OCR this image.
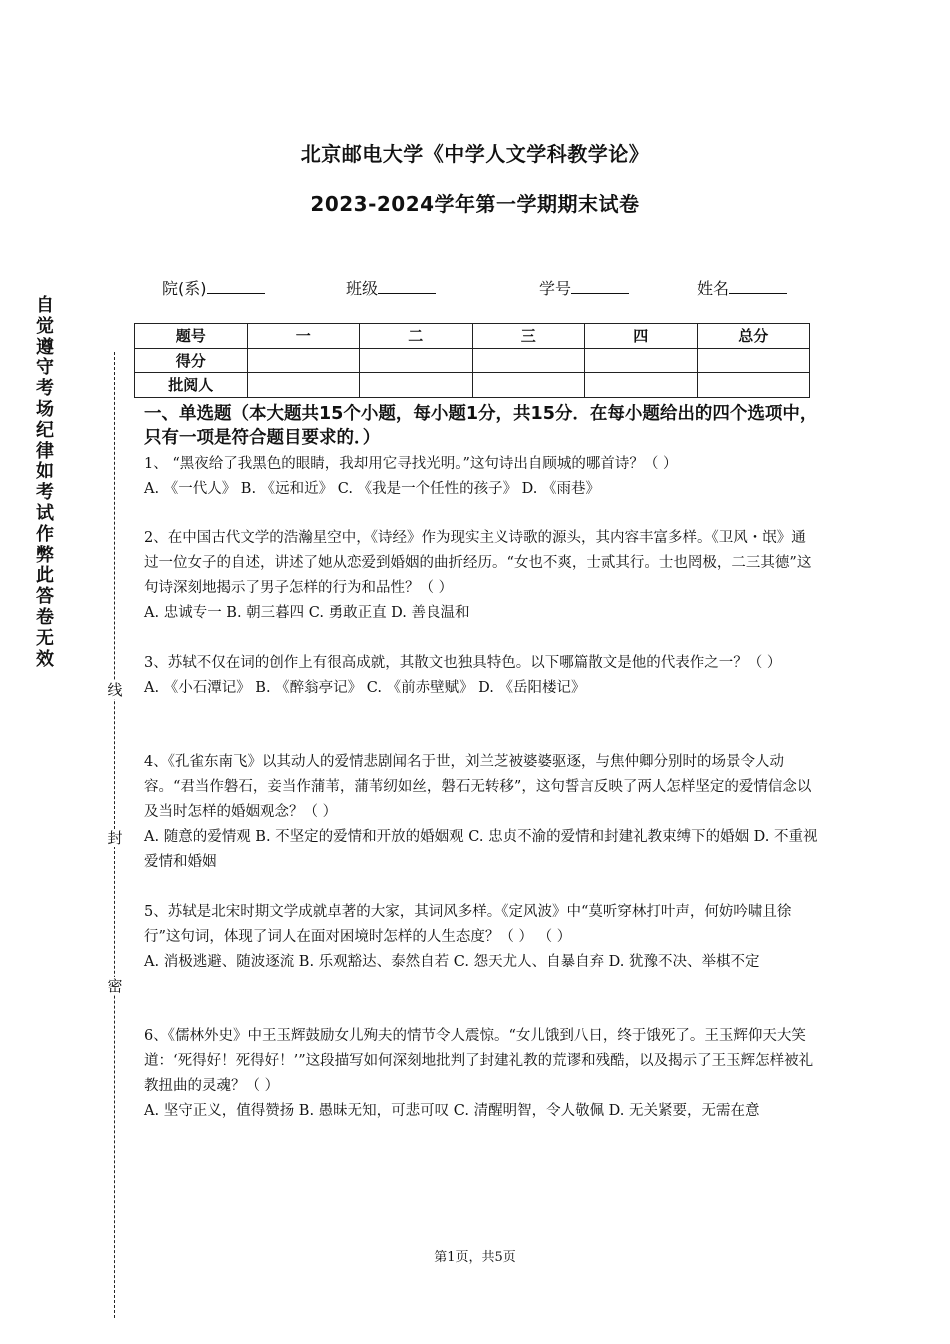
北京邮电大学《中学人文学科教学论》
2023-2024学年第一学期期末试卷
院(系)	班级	学号	姓名
自
觉
遵
守
考
场
纪
律
如
考
试
作
弊
此
答
卷
无
效
线
封
密
题号	一	二	三	四	总分
得分					
批阅人					
一、单选题（本大题共15个小题，每小题1分，共15分．在每小题给出的四个选项中，只有一项是符合题目要求的．）

1、 “黑夜给了我黑色的眼睛，我却用它寻找光明。”这句诗出自顾城的哪首诗？（ ）

A. 《一代人》 B. 《远和近》 C. 《我是一个任性的孩子》 D. 《雨巷》

2、在中国古代文学的浩瀚星空中，《诗经》作为现实主义诗歌的源头，其内容丰富多样。《卫风・氓》通过一位女子的自述，讲述了她从恋爱到婚姻的曲折经历。“女也不爽，士贰其行。士也罔极，二三其德”这句诗深刻地揭示了男子怎样的行为和品性？（ ）

A. 忠诚专一 B. 朝三暮四 C. 勇敢正直 D. 善良温和

3、苏轼不仅在词的创作上有很高成就，其散文也独具特色。以下哪篇散文是他的代表作之一？（ ）

A. 《小石潭记》 B. 《醉翁亭记》 C. 《前赤壁赋》 D. 《岳阳楼记》

4、《孔雀东南飞》以其动人的爱情悲剧闻名于世，刘兰芝被婆婆驱逐，与焦仲卿分别时的场景令人动容。“君当作磐石，妾当作蒲苇，蒲苇纫如丝，磐石无转移”，这句誓言反映了两人怎样坚定的爱情信念以及当时怎样的婚姻观念？（ ）

A. 随意的爱情观 B. 不坚定的爱情和开放的婚姻观 C. 忠贞不渝的爱情和封建礼教束缚下的婚姻 D. 不重视爱情和婚姻

5、苏轼是北宋时期文学成就卓著的大家，其词风多样。《定风波》中“莫听穿林打叶声，何妨吟啸且徐行”这句词，体现了词人在面对困境时怎样的人生态度？（ ） （ ）

A. 消极逃避、随波逐流 B. 乐观豁达、泰然自若 C. 怨天尤人、自暴自弃 D. 犹豫不决、举棋不定

6、《儒林外史》中王玉辉鼓励女儿殉夫的情节令人震惊。“女儿饿到八日，终于饿死了。王玉辉仰天大笑道：‘死得好！死得好！’”这段描写如何深刻地批判了封建礼教的荒谬和残酷，以及揭示了王玉辉怎样被礼教扭曲的灵魂？（ ）

A. 坚守正义，值得赞扬 B. 愚昧无知，可悲可叹 C. 清醒明智，令人敬佩 D. 无关紧要，无需在意

第1页，共5页
